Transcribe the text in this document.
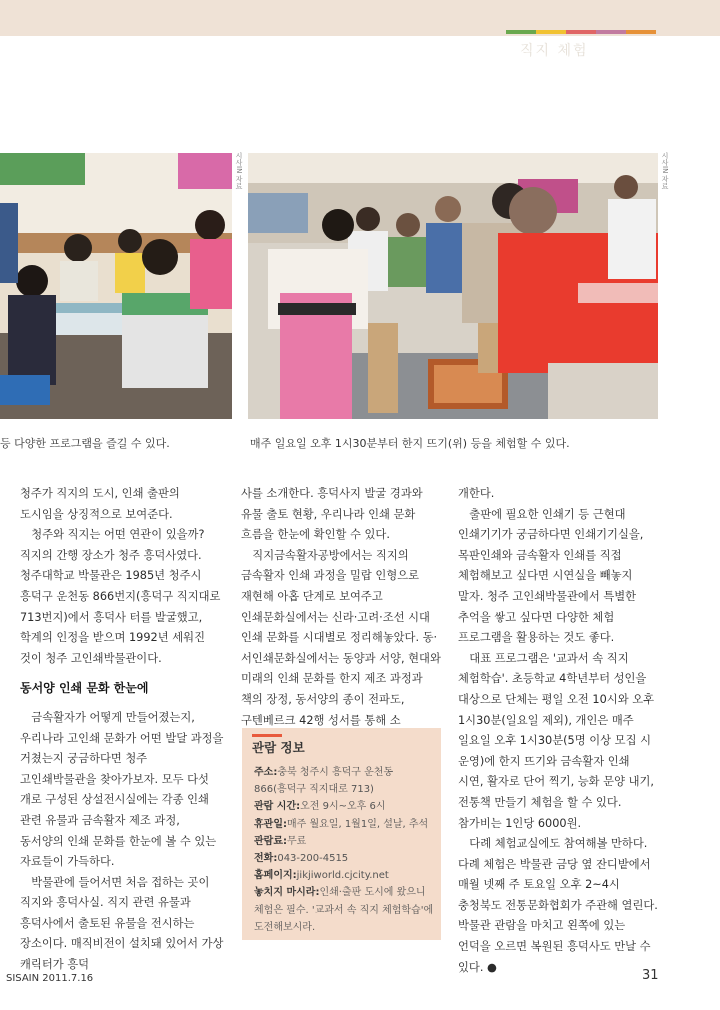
직지 체험
시사IN 자료	시사IN 자료
등 다양한 프로그램을 즐길 수 있다.	매주 일요일 오후 1시30분부터 한지 뜨기(위) 등을 체험할 수 있다.

청주가 직지의 도시, 인쇄 출판의 도시임을 상징적으로 보여준다.

청주와 직지는 어떤 연관이 있을까? 직지의 간행 장소가 청주 흥덕사였다. 청주대학교 박물관은 1985년 청주시 흥덕구 운천동 866번지(흥덕구 직지대로 713번지)에서 흥덕사 터를 발굴했고, 학계의 인정을 받으며 1992년 세워진 것이 청주 고인쇄박물관이다.

동서양 인쇄 문화 한눈에

금속활자가 어떻게 만들어졌는지, 우리나라 고인쇄 문화가 어떤 발달 과정을 거쳤는지 궁금하다면 청주 고인쇄박물관을 찾아가보자. 모두 다섯 개로 구성된 상설전시실에는 각종 인쇄 관련 유물과 금속활자 제조 과정, 동서양의 인쇄 문화를 한눈에 볼 수 있는 자료들이 가득하다.

박물관에 들어서면 처음 접하는 곳이 직지와 흥덕사실. 직지 관련 유물과 흥덕사에서 출토된 유물을 전시하는 장소이다. 매직비전이 설치돼 있어서 가상 캐릭터가 흥덕

사를 소개한다. 흥덕사지 발굴 경과와 유물 출토 현황, 우리나라 인쇄 문화 흐름을 한눈에 확인할 수 있다.

직지금속활자공방에서는 직지의 금속활자 인쇄 과정을 밀랍 인형으로 재현해 아홉 단계로 보여주고 인쇄문화실에서는 신라·고려·조선 시대 인쇄 문화를 시대별로 정리해놓았다. 동·서인쇄문화실에서는 동양과 서양, 현대와 미래의 인쇄 문화를 한지 제조 과정과 책의 장정, 동서양의 종이 전파도, 구텐베르크 42행 성서를 통해 소

관람 정보
주소:충북 청주시 흥덕구 운천동 866(흥덕구 직지대로 713)
관람 시간:오전 9시~오후 6시
휴관일:매주 월요일, 1월1일, 설날, 추석
관람료:무료
전화:043-200-4515
홈페이지:jikjiworld.cjcity.net
놓치지 마시라:인쇄·출판 도시에 왔으니 체험은 필수. '교과서 속 직지 체험학습'에 도전해보시라.

개한다.

출판에 필요한 인쇄기 등 근현대 인쇄기기가 궁금하다면 인쇄기기실을, 목판인쇄와 금속활자 인쇄를 직접 체험해보고 싶다면 시연실을 빼놓지 말자. 청주 고인쇄박물관에서 특별한 추억을 쌓고 싶다면 다양한 체험 프로그램을 활용하는 것도 좋다.

대표 프로그램은 '교과서 속 직지 체험학습'. 초등학교 4학년부터 성인을 대상으로 단체는 평일 오전 10시와 오후 1시30분(일요일 제외), 개인은 매주 일요일 오후 1시30분(5명 이상 모집 시 운영)에 한지 뜨기와 금속활자 인쇄 시연, 활자로 단어 찍기, 능화 문양 내기, 전통책 만들기 체험을 할 수 있다. 참가비는 1인당 6000원.

다례 체험교실에도 참여해볼 만하다. 다례 체험은 박물관 금당 옆 잔디밭에서 매월 넷째 주 토요일 오후 2~4시 충청북도 전통문화협회가 주관해 열린다. 박물관 관람을 마치고 왼쪽에 있는 언덕을 오르면 복원된 흥덕사도 만날 수 있다. ●

SISAIN 2011.7.16	31
